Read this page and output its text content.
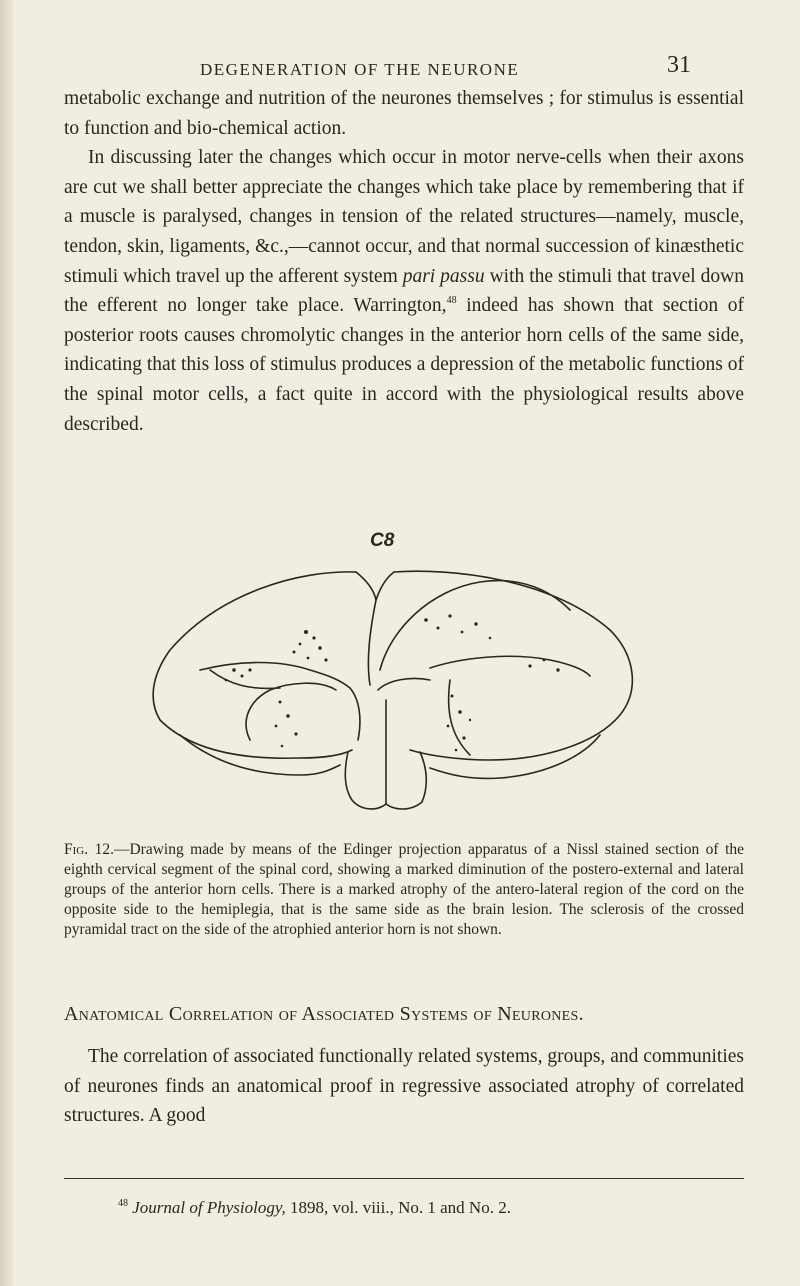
DEGENERATION OF THE NEURONE	31

metabolic exchange and nutrition of the neurones themselves ; for stimulus is essential to function and bio-chemical action.

In discussing later the changes which occur in motor nerve-cells when their axons are cut we shall better appreciate the changes which take place by remembering that if a muscle is paralysed, changes in tension of the related structures—namely, muscle, tendon, skin, ligaments, &c.,—cannot occur, and that normal succession of kinæsthetic stimuli which travel up the afferent system pari passu with the stimuli that travel down the efferent no longer take place. Warrington,$^{48}$ indeed has shown that section of posterior roots causes chromolytic changes in the anterior horn cells of the same side, indicating that this loss of stimulus produces a depression of the metabolic functions of the spinal motor cells, a fact quite in accord with the physiological results above described.

C8
Fig. 12.—Drawing made by means of the Edinger projection apparatus of a Nissl stained section of the eighth cervical segment of the spinal cord, showing a marked diminution of the postero-external and lateral groups of the anterior horn cells. There is a marked atrophy of the antero-lateral region of the cord on the opposite side to the hemiplegia, that is the same side as the brain lesion. The sclerosis of the crossed pyramidal tract on the side of the atrophied anterior horn is not shown.
Anatomical Correlation of Associated Systems of Neurones.

The correlation of associated functionally related systems, groups, and communities of neurones finds an anatomical proof in regressive associated atrophy of correlated structures. A good

$^{48}$ Journal of Physiology, 1898, vol. viii., No. 1 and No. 2.
